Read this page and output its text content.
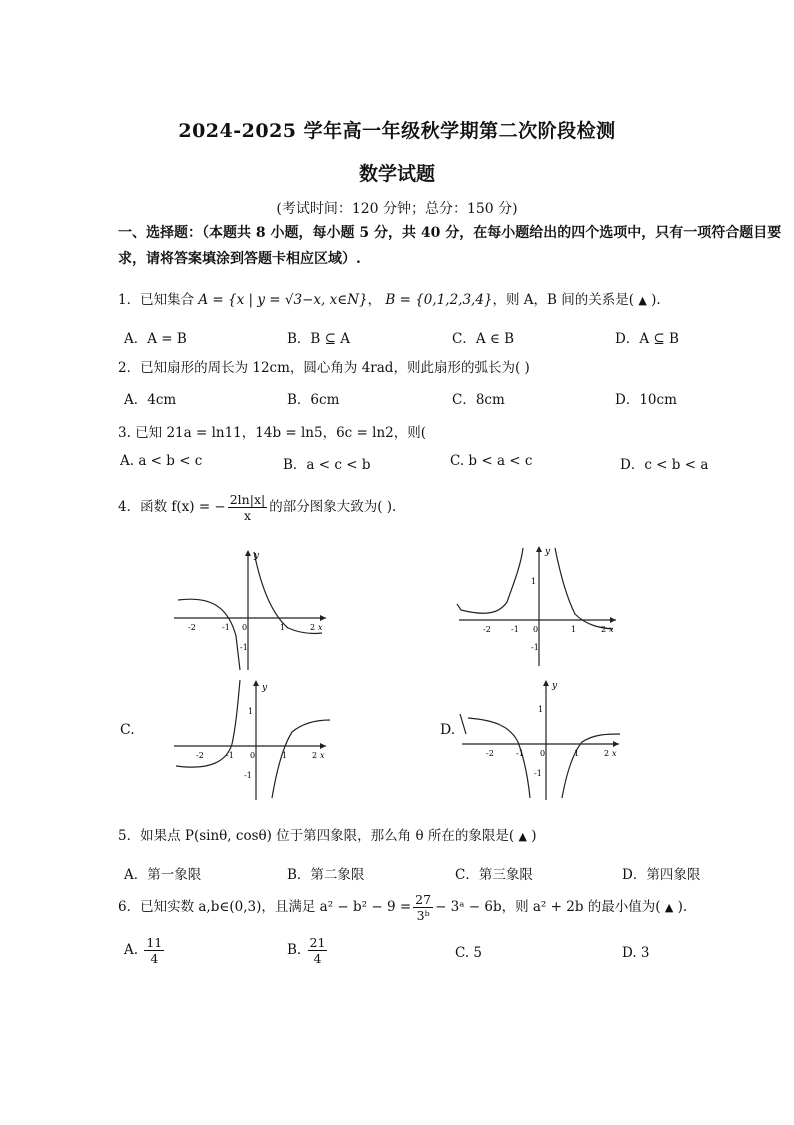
2024-2025 学年高一年级秋学期第二次阶段检测
数学试题
(考试时间：120 分钟；总分：150 分)
一、选择题：（本题共 8 小题，每小题 5 分，共 40 分，在每小题给出的四个选项中，只有一项符合题目要求，请将答案填涂到答题卡相应区域）.
1．已知集合 A = {x | y = √3−x, x∈N}， B = {0,1,2,3,4}，则 A，B 间的关系是( ▲ ).
A．A = B	B．B ⊆ A	C．A ∈ B	D．A ⊆ B
2．已知扇形的周长为 12cm，圆心角为 4rad，则此扇形的弧长为( )
A．4cm	B．6cm	C．8cm	D．10cm
3. 已知 21a = ln11，14b = ln5，6c = ln2，则(
A. a < b < c	B．a < c < b	C. b < a < c	D．c < b < a
4．函数 f(x) = − $\frac{2\ln|x|}{x}$ 的部分图象大致为( ).
-2	-1 0	1	2 x
y
-1
-2	-1 0	1	2 x
y
1
-1
C.
-2	-1 0	1	2 x
y
1
-1
D.
-2	-1 0	1	2 x
y
1
-1
5．如果点 P(sinθ, cosθ) 位于第四象限，那么角 θ 所在的象限是( ▲ )
A．第一象限	B．第二象限	C．第三象限	D．第四象限
6．已知实数 a,b∈(0,3)，且满足 $a^2 - b^2 - 9 = \frac{27}{\text{3ᵇ}}$ − 3ᵃ − 6b，则 a² + 2b 的最小值为( ▲ ).
A. $\frac{11}{4}$	B. $\frac{21}{4}$	C. 5	D. 3
